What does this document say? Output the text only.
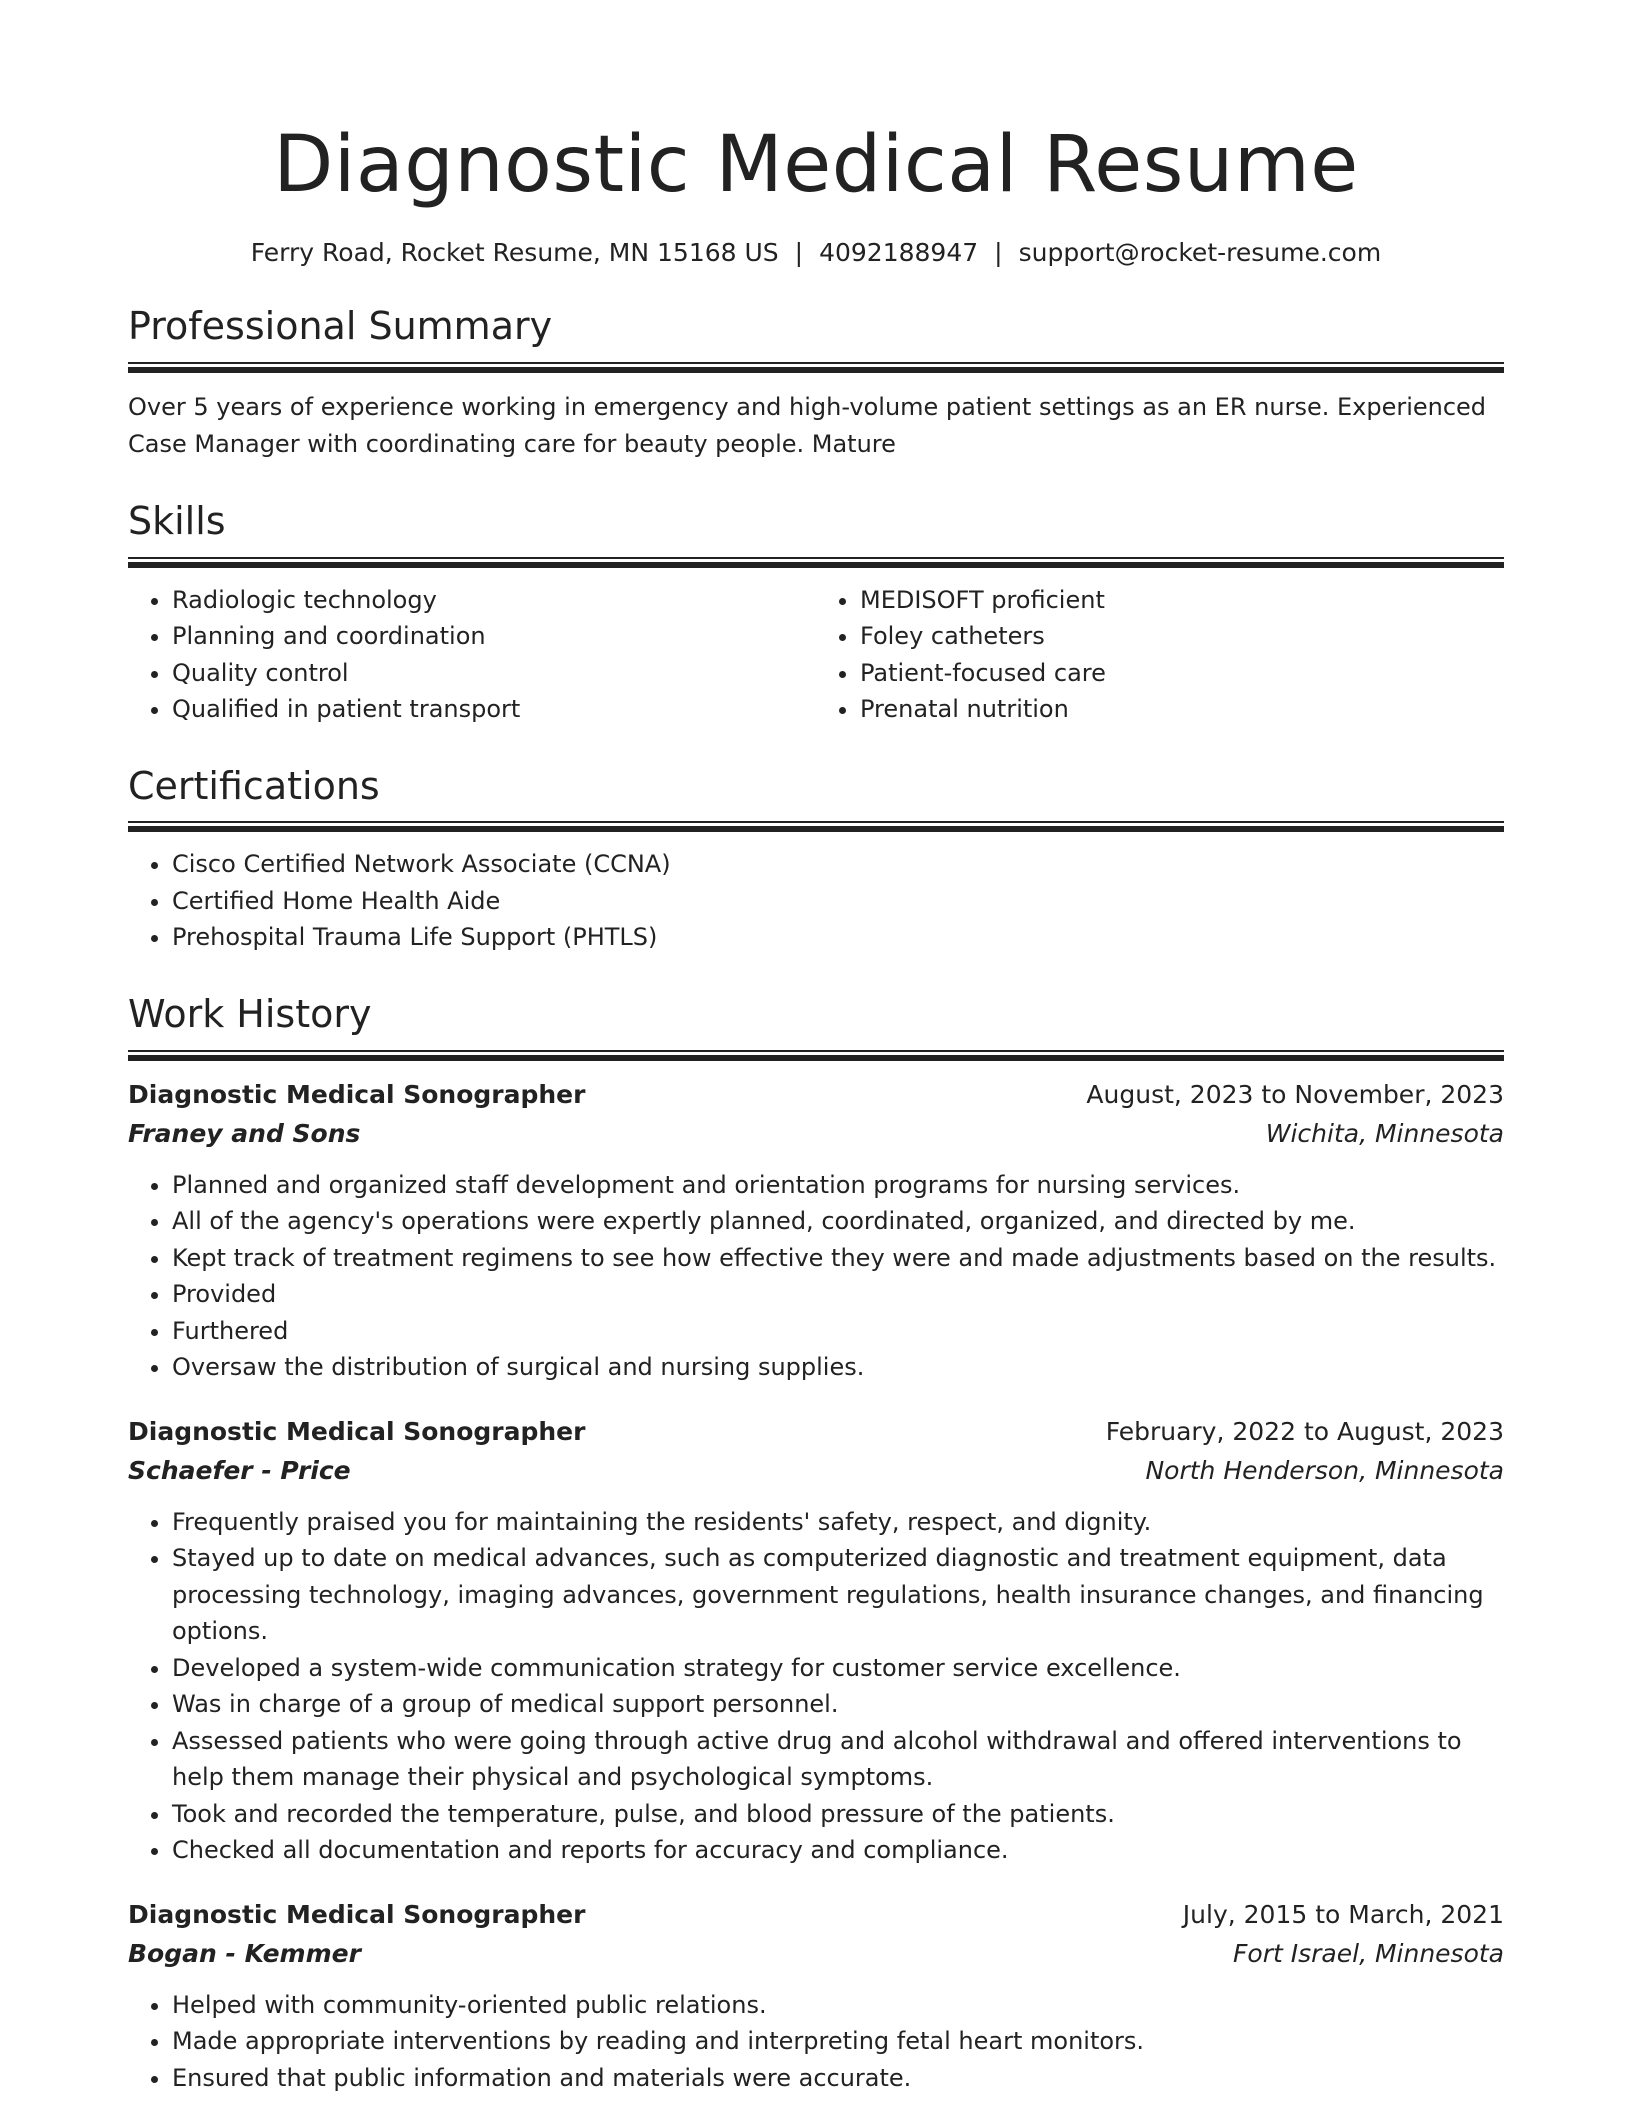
Diagnostic Medical Resume
Ferry Road, Rocket Resume, MN 15168 US | 4092188947 | support@rocket-resume.com
Professional Summary
Over 5 years of experience working in emergency and high-volume patient settings as an ER nurse. Experienced Case Manager with coordinating care for beauty people. Mature
Skills
• Radiologic technology
• Planning and coordination
• Quality control
• Qualified in patient transport
• MEDISOFT proficient
• Foley catheters
• Patient-focused care
• Prenatal nutrition
Certifications
• Cisco Certified Network Associate (CCNA)
• Certified Home Health Aide
• Prehospital Trauma Life Support (PHTLS)
Work History
Diagnostic Medical Sonographer	August, 2023 to November, 2023
Franey and Sons	Wichita, Minnesota
• Planned and organized staff development and orientation programs for nursing services.
• All of the agency's operations were expertly planned, coordinated, organized, and directed by me.
• Kept track of treatment regimens to see how effective they were and made adjustments based on the results.
• Provided
• Furthered
• Oversaw the distribution of surgical and nursing supplies.
Diagnostic Medical Sonographer	February, 2022 to August, 2023
Schaefer - Price	North Henderson, Minnesota
• Frequently praised you for maintaining the residents' safety, respect, and dignity.
• Stayed up to date on medical advances, such as computerized diagnostic and treatment equipment, data processing technology, imaging advances, government regulations, health insurance changes, and financing options.
• Developed a system-wide communication strategy for customer service excellence.
• Was in charge of a group of medical support personnel.
• Assessed patients who were going through active drug and alcohol withdrawal and offered interventions to help them manage their physical and psychological symptoms.
• Took and recorded the temperature, pulse, and blood pressure of the patients.
• Checked all documentation and reports for accuracy and compliance.
Diagnostic Medical Sonographer	July, 2015 to March, 2021
Bogan - Kemmer	Fort Israel, Minnesota
• Helped with community-oriented public relations.
• Made appropriate interventions by reading and interpreting fetal heart monitors.
• Ensured that public information and materials were accurate.
